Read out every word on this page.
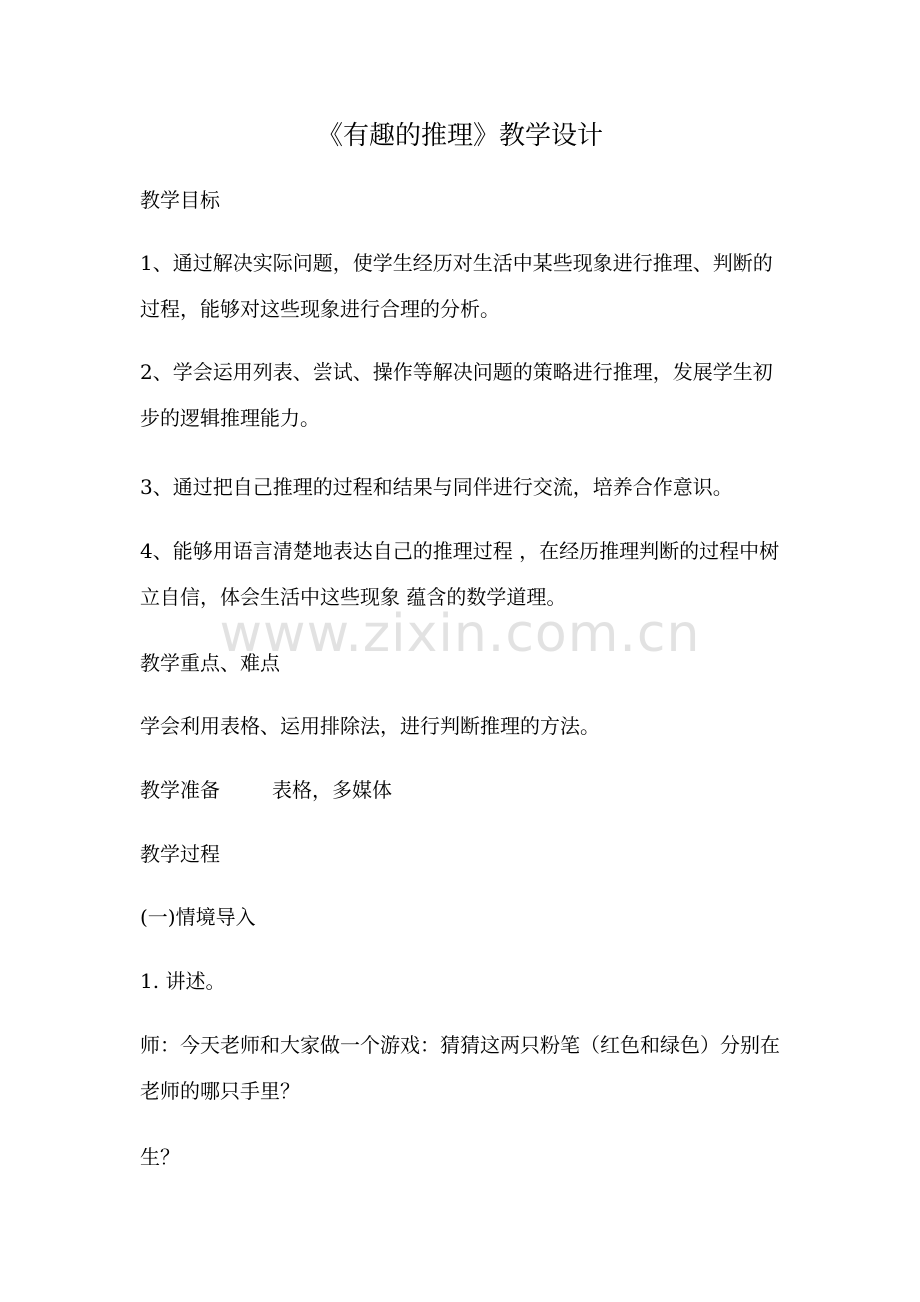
《有趣的推理》教学设计

教学目标

1、通过解决实际问题，使学生经历对生活中某些现象进行推理、判断的过程，能够对这些现象进行合理的分析。

2、学会运用列表、尝试、操作等解决问题的策略进行推理，发展学生初步的逻辑推理能力。

3、通过把自己推理的过程和结果与同伴进行交流，培养合作意识。

4、能够用语言清楚地表达自己的推理过程 ，在经历推理判断的过程中树立自信，体会生活中这些现象 蕴含的数学道理。

www.zixin.com.cn

教学重点、难点

学会利用表格、运用排除法，进行判断推理的方法。

教学准备	表格，多媒体

教学过程

(一)情境导入

1. 讲述。

师：今天老师和大家做一个游戏：猜猜这两只粉笔（红色和绿色）分别在老师的哪只手里？

生？
